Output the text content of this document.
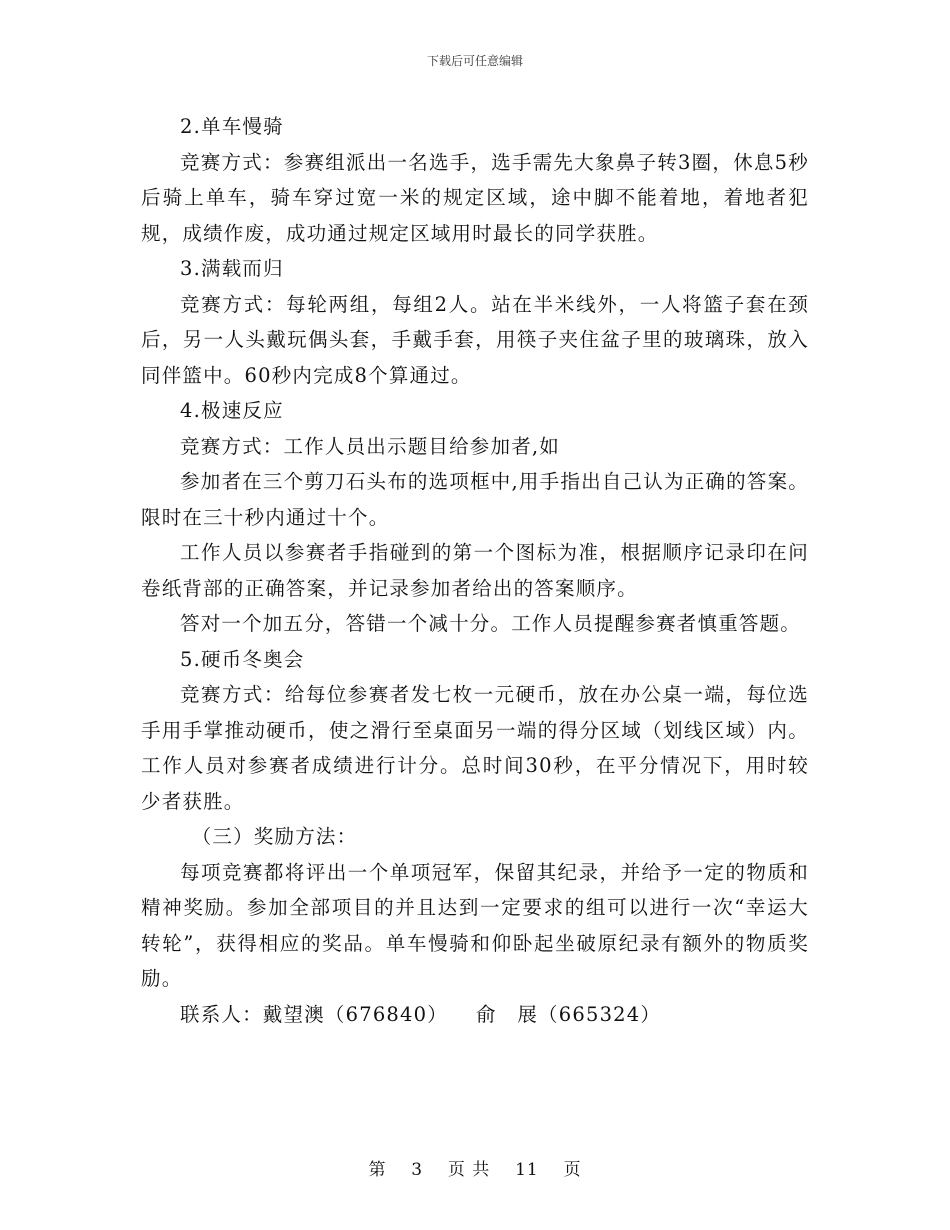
下载后可任意编辑

2.单车慢骑

竞赛方式：参赛组派出一名选手，选手需先大象鼻子转3圈，休息5秒后骑上单车，骑车穿过宽一米的规定区域，途中脚不能着地，着地者犯规，成绩作废，成功通过规定区域用时最长的同学获胜。

3.满载而归

竞赛方式：每轮两组，每组2人。站在半米线外，一人将篮子套在颈后，另一人头戴玩偶头套，手戴手套，用筷子夹住盆子里的玻璃珠，放入同伴篮中。60秒内完成8个算通过。

4.极速反应

竞赛方式：工作人员出示题目给参加者,如

参加者在三个剪刀石头布的选项框中,用手指出自己认为正确的答案。限时在三十秒内通过十个。

工作人员以参赛者手指碰到的第一个图标为准，根据顺序记录印在问卷纸背部的正确答案，并记录参加者给出的答案顺序。

答对一个加五分，答错一个减十分。工作人员提醒参赛者慎重答题。

5.硬币冬奥会

竞赛方式：给每位参赛者发七枚一元硬币，放在办公桌一端，每位选手用手掌推动硬币，使之滑行至桌面另一端的得分区域（划线区域）内。工作人员对参赛者成绩进行计分。总时间30秒，在平分情况下，用时较少者获胜。

（三）奖励方法：

每项竞赛都将评出一个单项冠军，保留其纪录，并给予一定的物质和精神奖励。参加全部项目的并且达到一定要求的组可以进行一次“幸运大转轮”，获得相应的奖品。单车慢骑和仰卧起坐破原纪录有额外的物质奖励。

联系人：戴望澳（676840） 俞　展（665324）

第 3 页 共 11 页
